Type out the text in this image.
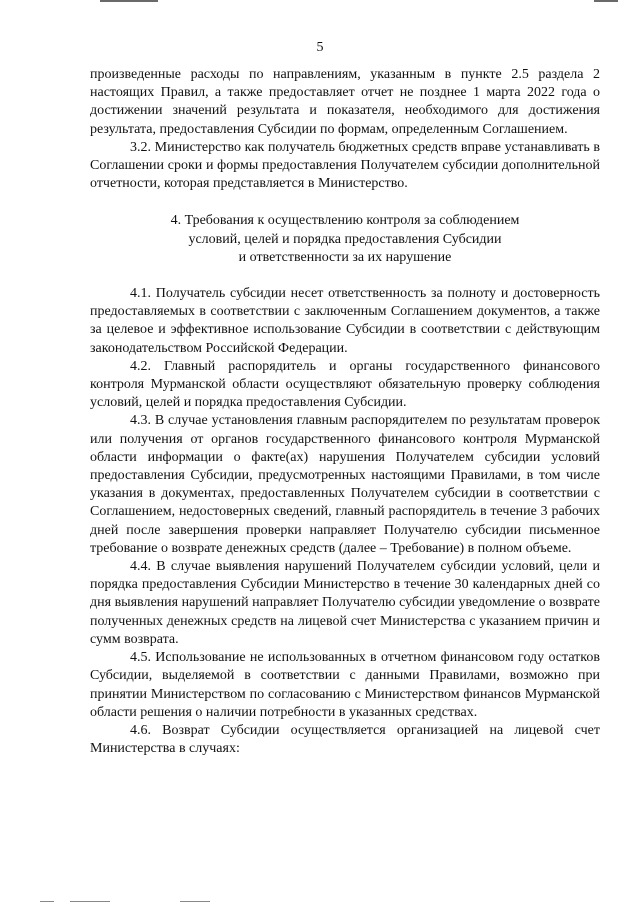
5

произведенные расходы по направлениям, указанным в пункте 2.5 раздела 2 настоящих Правил, а также предоставляет отчет не позднее 1 марта 2022 года о достижении значений результата и показателя, необходимого для достижения результата, предоставления Субсидии по формам, определенным Соглашением.

3.2. Министерство как получатель бюджетных средств вправе устанавливать в Соглашении сроки и формы предоставления Получателем субсидии дополнительной отчетности, которая представляется в Министерство.

4. Требования к осуществлению контроля за соблюдением
условий, целей и порядка предоставления Субсидии
и ответственности за их нарушение

4.1. Получатель субсидии несет ответственность за полноту и достоверность предоставляемых в соответствии с заключенным Соглашением документов, а также за целевое и эффективное использование Субсидии в соответствии с действующим законодательством Российской Федерации.

4.2. Главный распорядитель и органы государственного финансового контроля Мурманской области осуществляют обязательную проверку соблюдения условий, целей и порядка предоставления Субсидии.

4.3. В случае установления главным распорядителем по результатам проверок или получения от органов государственного финансового контроля Мурманской области информации о факте(ах) нарушения Получателем субсидии условий предоставления Субсидии, предусмотренных настоящими Правилами, в том числе указания в документах, предоставленных Получателем субсидии в соответствии с Соглашением, недостоверных сведений, главный распорядитель в течение 3 рабочих дней после завершения проверки направляет Получателю субсидии письменное требование о возврате денежных средств (далее – Требование) в полном объеме.

4.4. В случае выявления нарушений Получателем субсидии условий, цели и порядка предоставления Субсидии Министерство в течение 30 календарных дней со дня выявления нарушений направляет Получателю субсидии уведомление о возврате полученных денежных средств на лицевой счет Министерства с указанием причин и сумм возврата.

4.5. Использование не использованных в отчетном финансовом году остатков Субсидии, выделяемой в соответствии с данными Правилами, возможно при принятии Министерством по согласованию с Министерством финансов Мурманской области решения о наличии потребности в указанных средствах.

4.6. Возврат Субсидии осуществляется организацией на лицевой счет Министерства в случаях:
